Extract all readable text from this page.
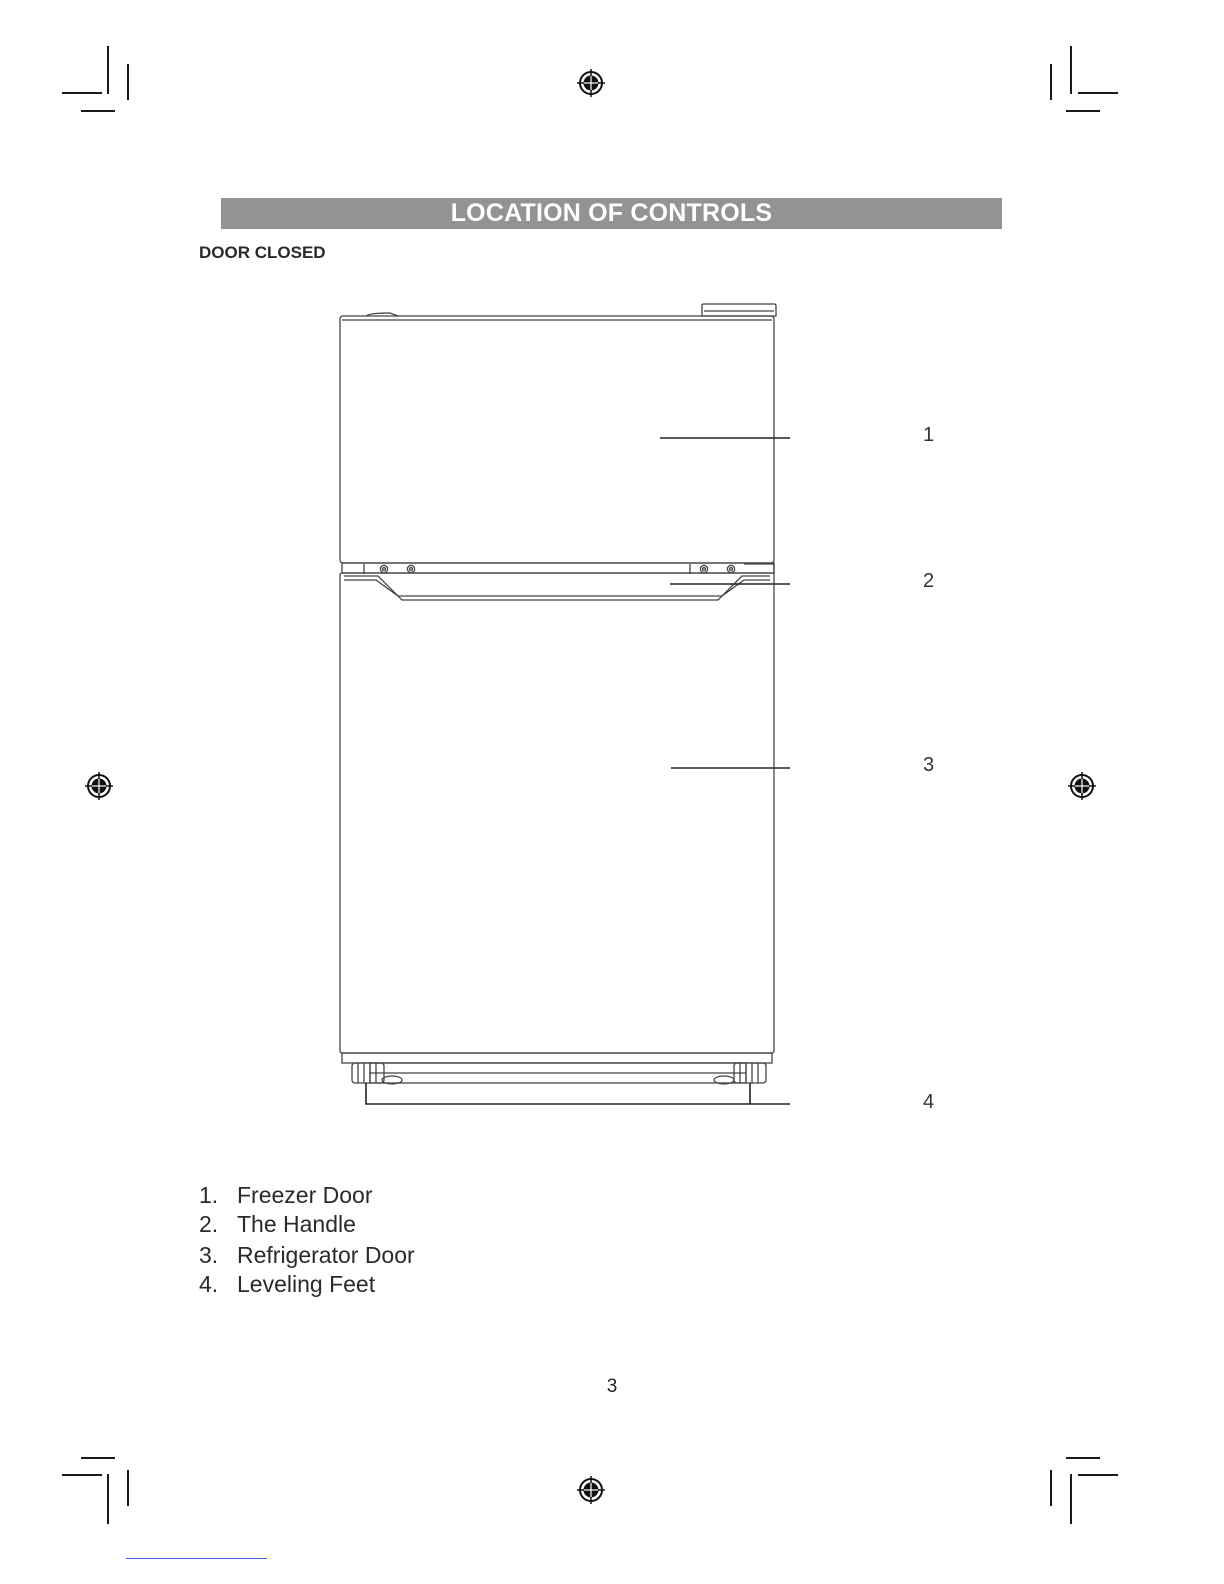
LOCATION OF CONTROLS
DOOR CLOSED
1
2
3
4
1. Freezer Door
2. The Handle
3. Refrigerator Door
4. Leveling Feet
3
